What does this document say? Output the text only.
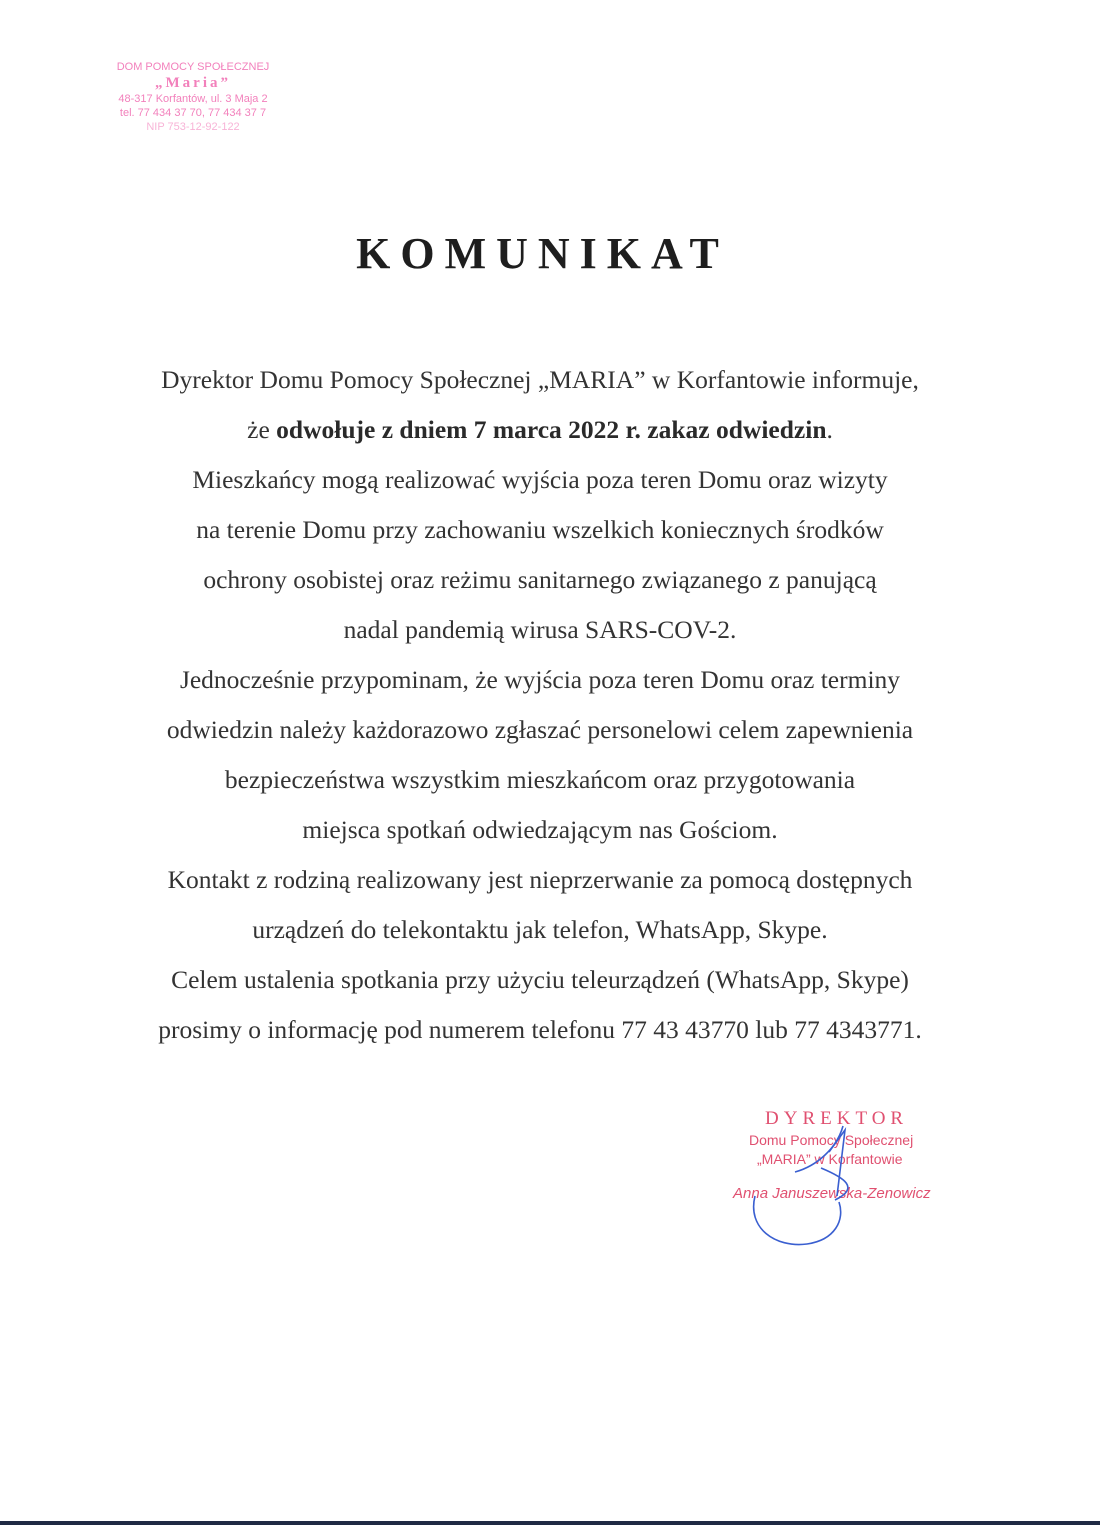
DOM POMOCY SPOŁECZNEJ
„Maria”
48-317 Korfantów, ul. 3 Maja 2
tel. 77 434 37 70, 77 434 37 7
NIP 753-12-92-122
KOMUNIKAT
Dyrektor Domu Pomocy Społecznej „MARIA” w Korfantowie informuje,
że odwołuje z dniem 7 marca 2022 r. zakaz odwiedzin.
Mieszkańcy mogą realizować wyjścia poza teren Domu oraz wizyty
na terenie Domu przy zachowaniu wszelkich koniecznych środków
ochrony osobistej oraz reżimu sanitarnego związanego z panującą
nadal pandemią wirusa SARS-COV-2.
Jednocześnie przypominam, że wyjścia poza teren Domu oraz terminy
odwiedzin należy każdorazowo zgłaszać personelowi celem zapewnienia
bezpieczeństwa wszystkim mieszkańcom oraz przygotowania
miejsca spotkań odwiedzającym nas Gościom.
Kontakt z rodziną realizowany jest nieprzerwanie za pomocą dostępnych
urządzeń do telekontaktu jak telefon, WhatsApp, Skype.
Celem ustalenia spotkania przy użyciu teleurządzeń (WhatsApp, Skype)
prosimy o informację pod numerem telefonu 77 43 43770 lub 77 4343771.
DYREKTOR
Domu Pomocy Społecznej
„MARIA” w Korfantowie
Anna Januszewska-Zenowicz
